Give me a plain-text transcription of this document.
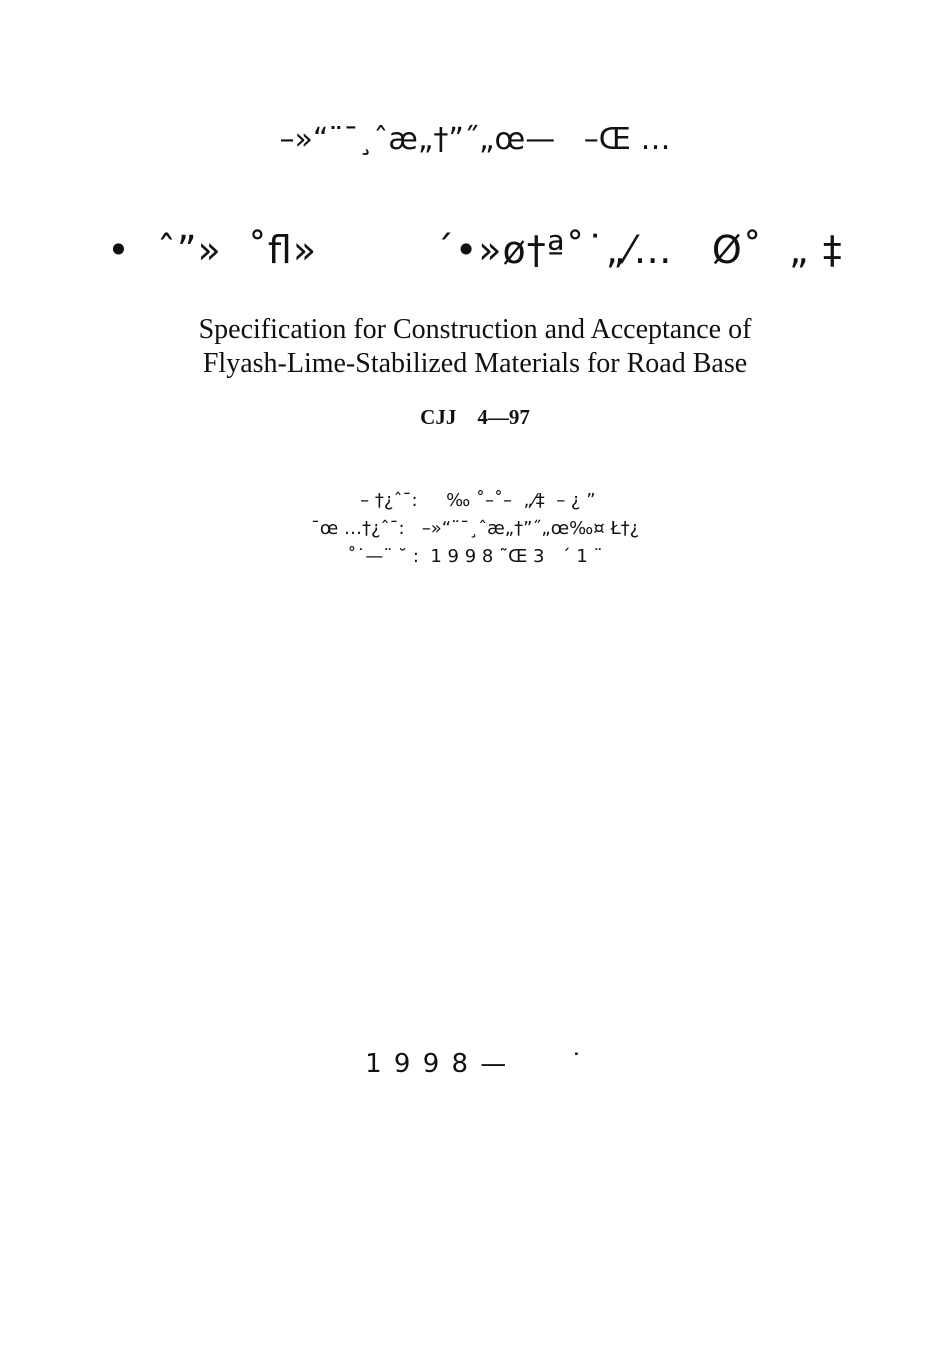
–»“¨¯¸ˆæ„†”˝„œ—   –Œ …
•  ˆ”»  ˚ﬂ»         ´•»ø†ª˚˙„⁄…   Ø˚  „ ‡
Specification for Construction and Acceptance of
Flyash-Lime-Stabilized Materials for Road Base
CJJ    4—97
– †¿ˆ¯:     ‰ ˚–˚–  „⁄‡  – ¿ ”
¯œ …†¿ˆ¯:   –»“¨¯¸ˆæ„†”˝„œ‰¤ Ł†¿
˚˙—¨ ˘ :  1 9 9 8 ˜Œ 3   ´ 1 ¨
1 9 9 8 —      ˙
